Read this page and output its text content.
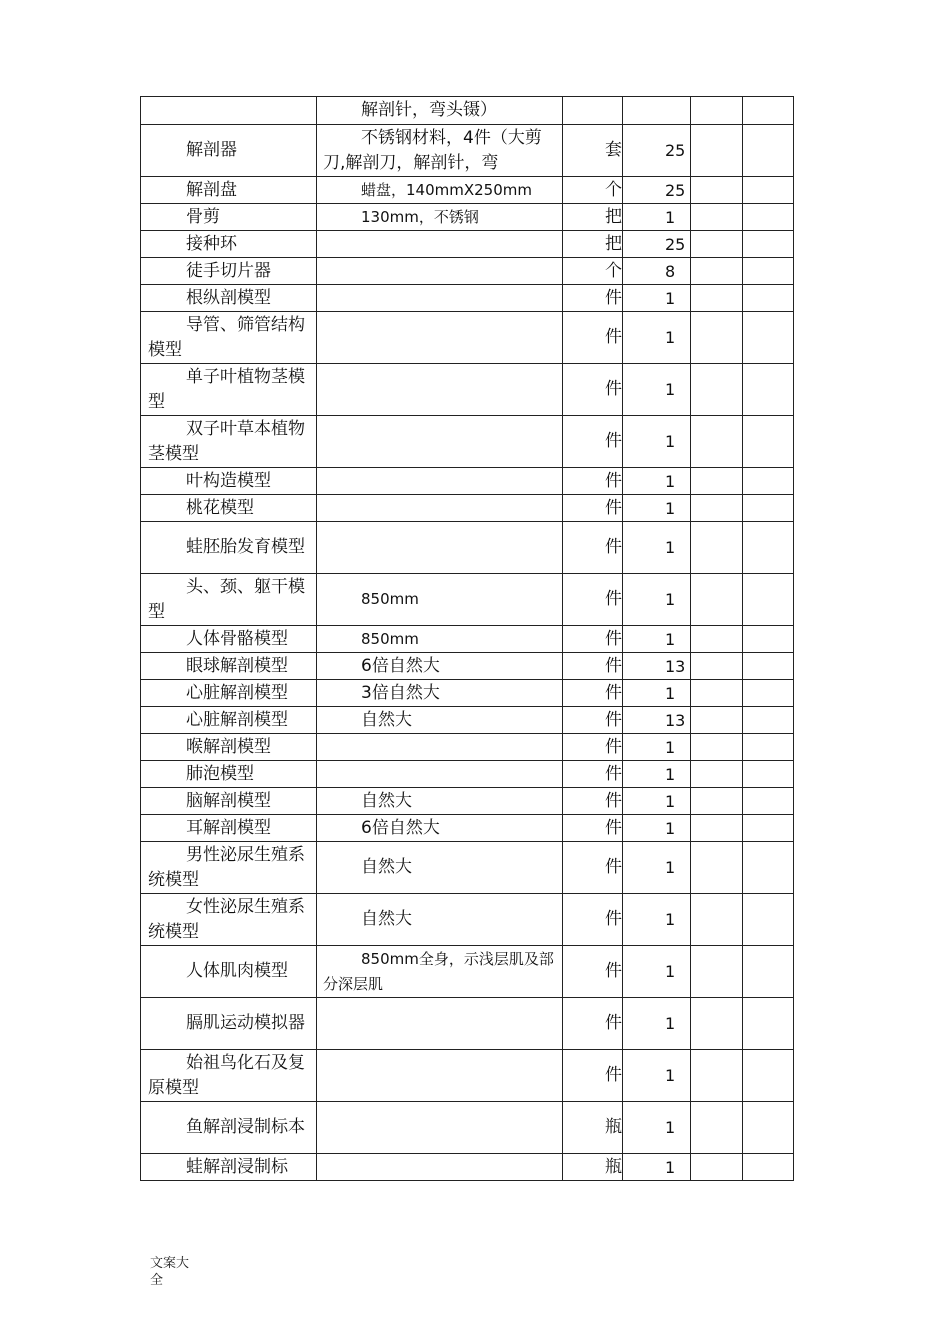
	解剖针，弯头镊）				

解剖器	不锈钢材料，4件（大剪刀,解剖刀，解剖针，弯	套	25		

解剖盘	蜡盘，140mmX250mm	个	25		

骨剪	130mm，不锈钢	把	1		

接种环		把	25		

徒手切片器		个	8		

根纵剖模型		件	1		

导管、筛管结构模型		件	1		

单子叶植物茎模型		件	1		

双子叶草本植物茎模型		件	1		

叶构造模型		件	1		

桃花模型		件	1		

蛙胚胎发育模型		件	1		

头、颈、躯干模型	850mm	件	1		

人体骨骼模型	850mm	件	1		

眼球解剖模型	6倍自然大	件	13		

心脏解剖模型	3倍自然大	件	1		

心脏解剖模型	自然大	件	13		

喉解剖模型		件	1		

肺泡模型		件	1		

脑解剖模型	自然大	件	1		

耳解剖模型	6倍自然大	件	1		

男性泌尿生殖系统模型	自然大	件	1		

女性泌尿生殖系统模型	自然大	件	1		

人体肌肉模型	850mm全身，示浅层肌及部分深层肌	件	1		

膈肌运动模拟器		件	1		

始祖鸟化石及复原模型		件	1		

鱼解剖浸制标本		瓶	1		

蛙解剖浸制标		瓶	1		
文案大全
